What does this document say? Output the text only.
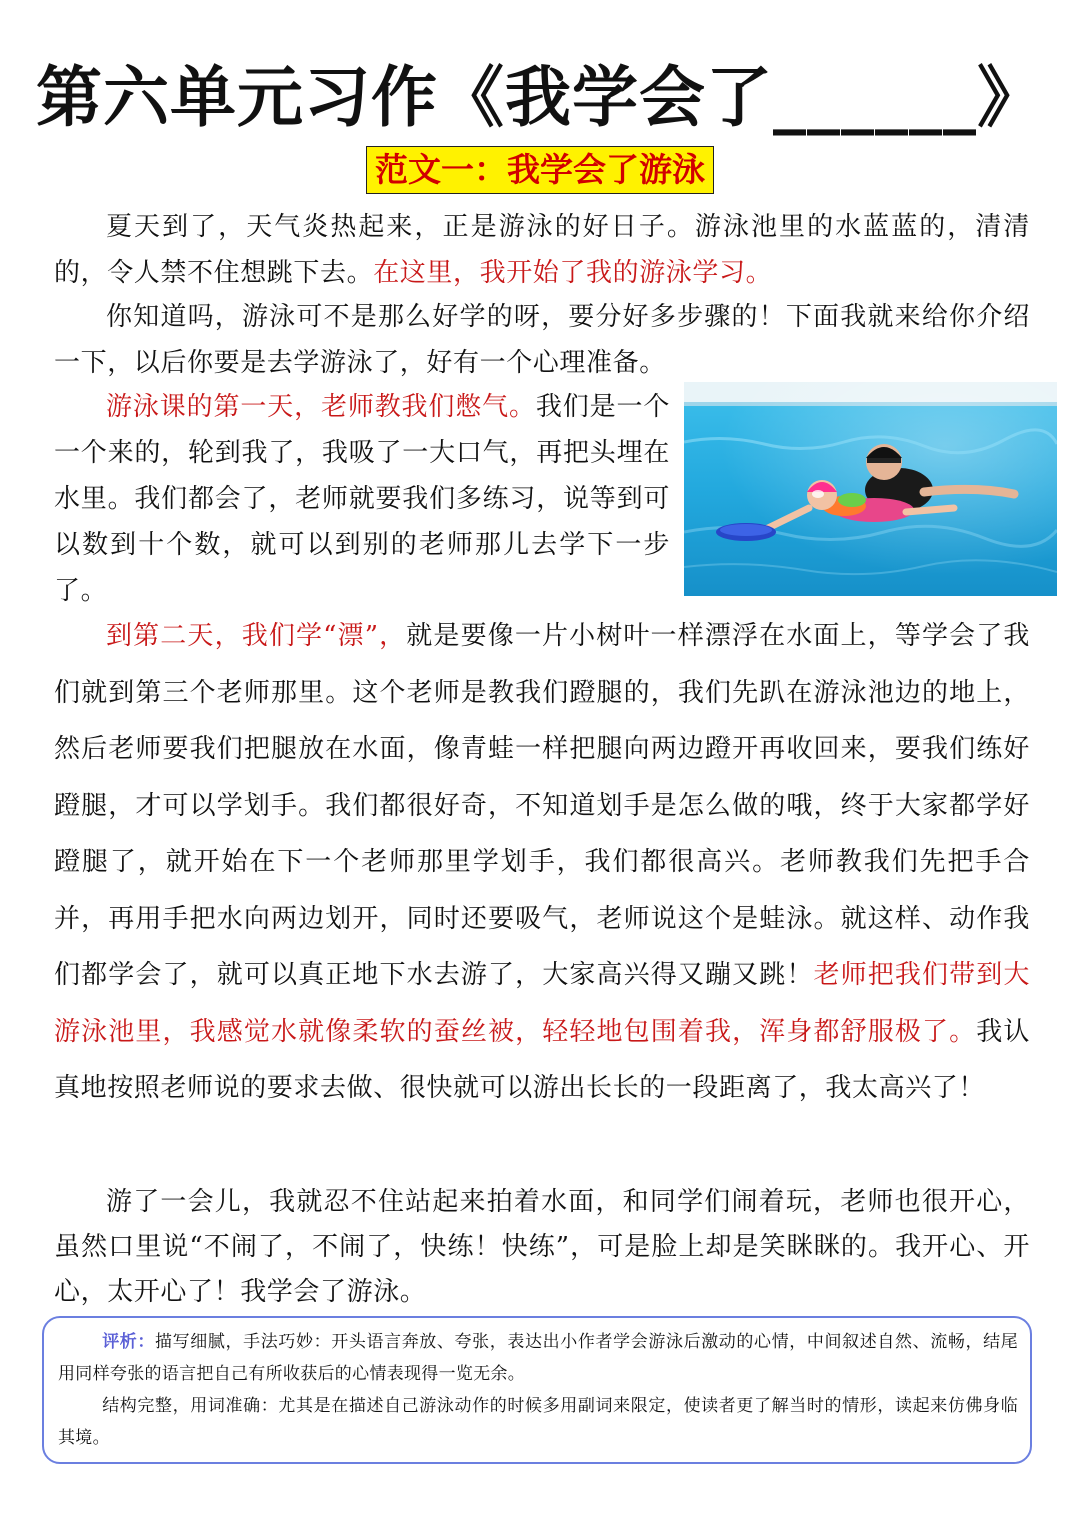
第六单元习作《我学会了______》
范文一：我学会了游泳

夏天到了，天气炎热起来，正是游泳的好日子。游泳池里的水蓝蓝的，清清的，令人禁不住想跳下去。在这里，我开始了我的游泳学习。

你知道吗，游泳可不是那么好学的呀，要分好多步骤的！下面我就来给你介绍一下，以后你要是去学游泳了，好有一个心理准备。

游泳课的第一天，老师教我们憋气。我们是一个一个来的，轮到我了，我吸了一大口气，再把头埋在水里。我们都会了，老师就要我们多练习，说等到可以数到十个数，就可以到别的老师那儿去学下一步了。

到第二天，我们学“漂”，就是要像一片小树叶一样漂浮在水面上，等学会了我们就到第三个老师那里。这个老师是教我们蹬腿的，我们先趴在游泳池边的地上，然后老师要我们把腿放在水面，像青蛙一样把腿向两边蹬开再收回来，要我们练好蹬腿，才可以学划手。我们都很好奇，不知道划手是怎么做的哦，终于大家都学好蹬腿了，就开始在下一个老师那里学划手，我们都很高兴。老师教我们先把手合并，再用手把水向两边划开，同时还要吸气，老师说这个是蛙泳。就这样、动作我们都学会了，就可以真正地下水去游了，大家高兴得又蹦又跳！老师把我们带到大游泳池里，我感觉水就像柔软的蚕丝被，轻轻地包围着我，浑身都舒服极了。我认真地按照老师说的要求去做、很快就可以游出长长的一段距离了，我太高兴了！

游了一会儿，我就忍不住站起来拍着水面，和同学们闹着玩，老师也很开心，虽然口里说“不闹了，不闹了，快练！快练”，可是脸上却是笑眯眯的。我开心、开心，太开心了！我学会了游泳。

评析：描写细腻，手法巧妙：开头语言奔放、夸张，表达出小作者学会游泳后激动的心情，中间叙述自然、流畅，结尾用同样夸张的语言把自己有所收获后的心情表现得一览无余。

结构完整，用词准确：尤其是在描述自己游泳动作的时候多用副词来限定，使读者更了解当时的情形，读起来仿佛身临其境。
